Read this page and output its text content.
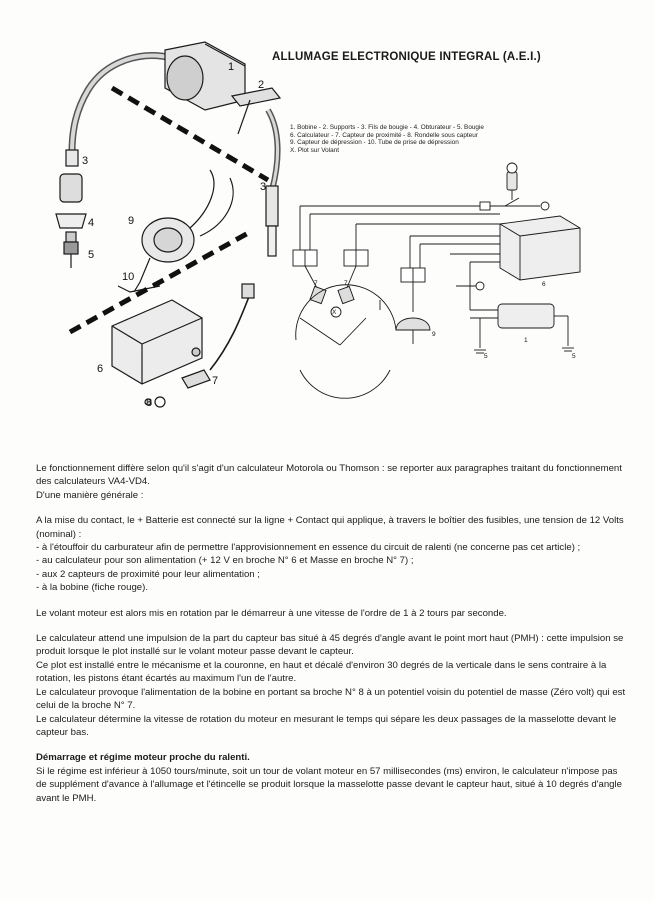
ALLUMAGE ELECTRONIQUE INTEGRAL (A.E.I.)
1. Bobine - 2. Supports - 3. Fils de bougie - 4. Obturateur - 5. Bougie
6. Calculateur - 7. Capteur de proximité - 8. Rondelle sous capteur
9. Capteur de dépression - 10. Tube de prise de dépression
X. Plot sur Volant
1
2
3
3
4
5
6
7
8
9
10
6
1
5	5
7	7
9
X

Le fonctionnement diffère selon qu'il s'agit d'un calculateur Motorola ou Thomson : se reporter aux paragraphes traitant du fonctionnement des calculateurs VA4-VD4.

D'une manière générale :

A la mise du contact, le + Batterie est connecté sur la ligne + Contact qui applique, à travers le boîtier des fusibles, une tension de 12 Volts (nominal) :

- à l'étouffoir du carburateur afin de permettre l'approvisionnement en essence du circuit de ralenti (ne concerne pas cet article) ;

- au calculateur pour son alimentation (+ 12 V en broche N° 6 et Masse en broche N° 7) ;

- aux 2 capteurs de proximité pour leur alimentation ;

- à la bobine (fiche rouge).

Le volant moteur est alors mis en rotation par le démarreur à une vitesse de l'ordre de 1 à 2 tours par seconde.

Le calculateur attend une impulsion de la part du capteur bas situé à 45 degrés d'angle avant le point mort haut (PMH) : cette impulsion se produit lorsque le plot installé sur le volant moteur passe devant le capteur.

Ce plot est installé entre le mécanisme et la couronne, en haut et décalé d'environ 30 degrés de la verticale dans le sens contraire à la rotation, les pistons étant écartés au maximum l'un de l'autre.

Le calculateur provoque l'alimentation de la bobine en portant sa broche N° 8 à un potentiel voisin du potentiel de masse (Zéro volt) qui est celui de la broche N° 7.

Le calculateur détermine la vitesse de rotation du moteur en mesurant le temps qui sépare les deux passages de la masselotte devant le capteur bas.

Démarrage et régime moteur proche du ralenti.

Si le régime est inférieur à 1050 tours/minute, soit un tour de volant moteur en 57 millisecondes (ms) environ, le calculateur n'impose pas de supplément d'avance à l'allumage et l'étincelle se produit lorsque la masselotte passe devant le capteur haut, situé à 10 degrés d'angle avant le PMH.
